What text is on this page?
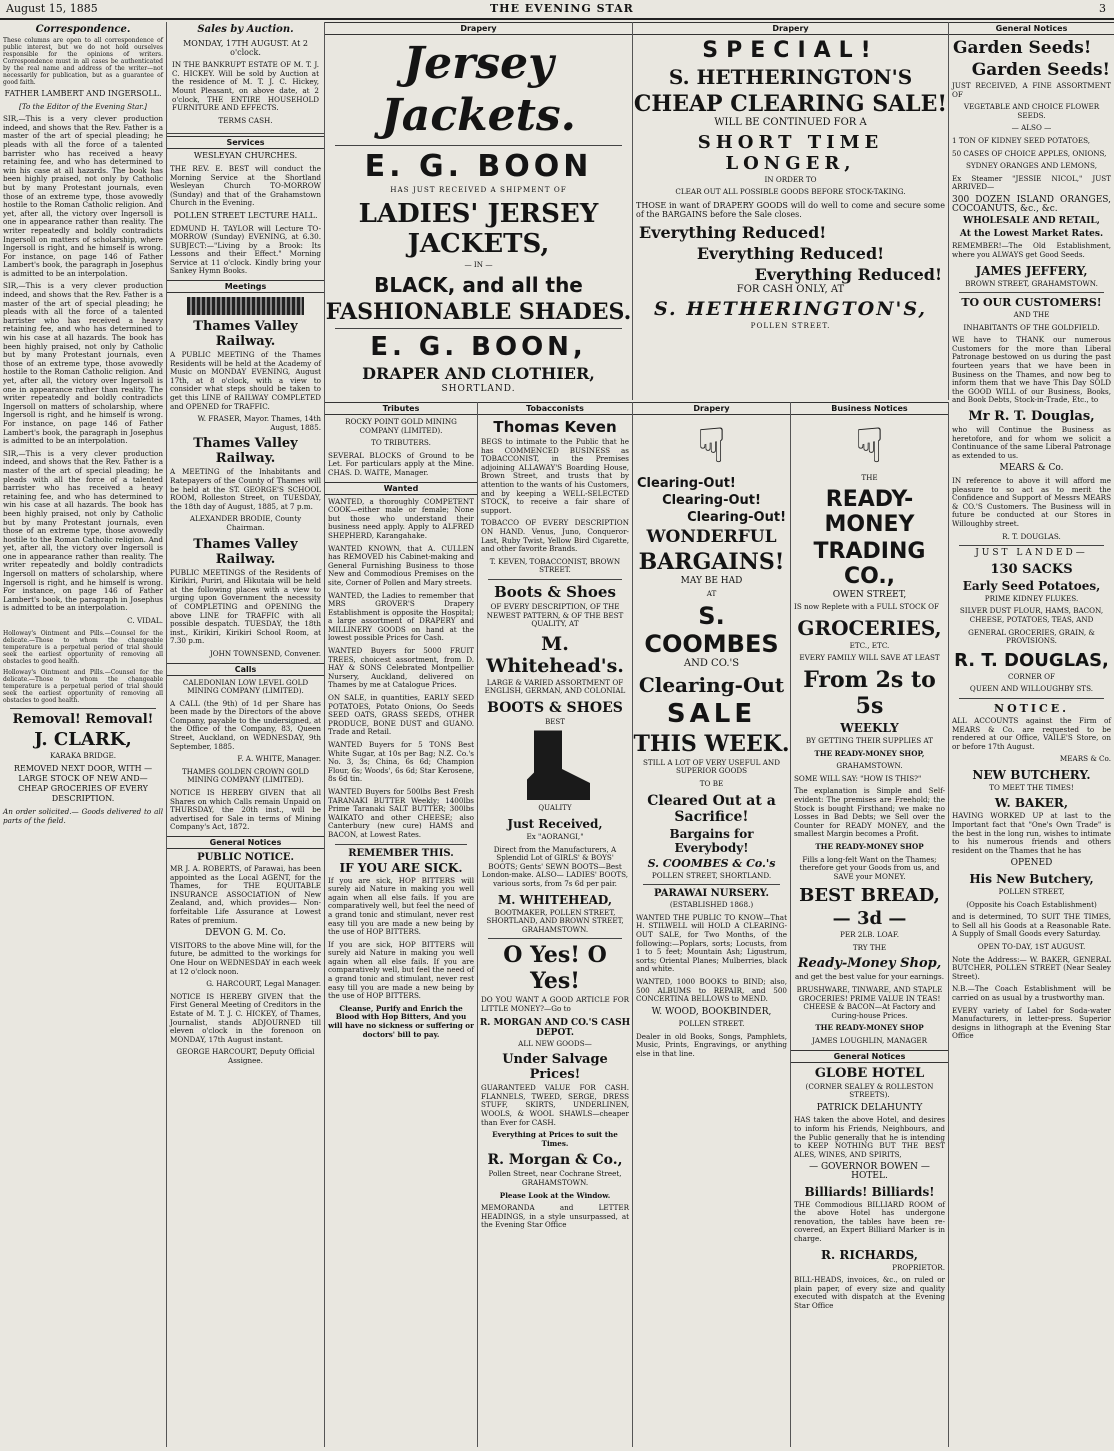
August 15, 1885	THE EVENING STAR	3
Correspondence.
These columns are open to all correspondence of public interest, but we do not hold ourselves responsible for the opinions of writers. Correspondence must in all cases be authenticated by the real name and address of the writer—not necessarily for publication, but as a guarantee of good faith.
FATHER LAMBERT AND INGERSOLL.
[To the Editor of the Evening Star.]
SIR,—This is a very clever production indeed, and shows that the Rev. Father is a master of the art of special pleading; he pleads with all the force of a talented barrister who has received a heavy retaining fee, and who has determined to win his case at all hazards. The book has been highly praised, not only by Catholic but by many Protestant journals, even those of an extreme type, those avowedly hostile to the Roman Catholic religion. And yet, after all, the victory over Ingersoll is one in appearance rather than reality. The writer repeatedly and boldly contradicts Ingersoll on matters of scholarship, where Ingersoll is right, and he himself is wrong. For instance, on page 146 of Father Lambert's book, the paragraph in Josephus is admitted to be an interpolation.
SIR,—This is a very clever production indeed, and shows that the Rev. Father is a master of the art of special pleading; he pleads with all the force of a talented barrister who has received a heavy retaining fee, and who has determined to win his case at all hazards. The book has been highly praised, not only by Catholic but by many Protestant journals, even those of an extreme type, those avowedly hostile to the Roman Catholic religion. And yet, after all, the victory over Ingersoll is one in appearance rather than reality. The writer repeatedly and boldly contradicts Ingersoll on matters of scholarship, where Ingersoll is right, and he himself is wrong. For instance, on page 146 of Father Lambert's book, the paragraph in Josephus is admitted to be an interpolation.
SIR,—This is a very clever production indeed, and shows that the Rev. Father is a master of the art of special pleading; he pleads with all the force of a talented barrister who has received a heavy retaining fee, and who has determined to win his case at all hazards. The book has been highly praised, not only by Catholic but by many Protestant journals, even those of an extreme type, those avowedly hostile to the Roman Catholic religion. And yet, after all, the victory over Ingersoll is one in appearance rather than reality. The writer repeatedly and boldly contradicts Ingersoll on matters of scholarship, where Ingersoll is right, and he himself is wrong. For instance, on page 146 of Father Lambert's book, the paragraph in Josephus is admitted to be an interpolation.
C. VIDAL.
Holloway's Ointment and Pills.—Counsel for the delicate.—Those to whom the changeable temperature is a perpetual period of trial should seek the earliest opportunity of removing all obstacles to good health.
Holloway's Ointment and Pills.—Counsel for the delicate.—Those to whom the changeable temperature is a perpetual period of trial should seek the earliest opportunity of removing all obstacles to good health.
Removal! Removal!
J. CLARK,
KARAKA BRIDGE.
REMOVED NEXT DOOR, WITH —LARGE STOCK OF NEW AND— CHEAP GROCERIES OF EVERY DESCRIPTION.
An order solicited.— Goods delivered to all parts of the field.
Sales by Auction.
MONDAY, 17TH AUGUST. At 2 o'clock.
IN THE BANKRUPT ESTATE OF M. T. J. C. HICKEY. Will be sold by Auction at the residence of M. T. J. C. Hickey, Mount Pleasant, on above date, at 2 o'clock, THE ENTIRE HOUSEHOLD FURNITURE AND EFFECTS.
TERMS CASH.
Services
WESLEYAN CHURCHES.
THE REV. E. BEST will conduct the Morning Service at the Shortland Wesleyan Church TO-MORROW (Sunday) and that of the Grahamstown Church in the Evening.
POLLEN STREET LECTURE HALL.
EDMUND H. TAYLOR will Lecture TO-MORROW (Sunday) EVENING, at 6.30. SUBJECT:—"Living by a Brook: Its Lessons and their Effect." Morning Service at 11 o'clock. Kindly bring your Sankey Hymn Books.
Meetings
Thames Valley Railway.
A PUBLIC MEETING of the Thames Residents will be held at the Academy of Music on MONDAY EVENING, August 17th, at 8 o'clock, with a view to consider what steps should be taken to get this LINE of RAILWAY COMPLETED and OPENED for TRAFFIC.
W. FRASER, Mayor. Thames, 14th August, 1885.
Thames Valley Railway.
A MEETING of the Inhabitants and Ratepayers of the County of Thames will be held at the ST. GEORGE'S SCHOOL ROOM, Rolleston Street, on TUESDAY, the 18th day of August, 1885, at 7 p.m.
ALEXANDER BRODIE, County Chairman.
Thames Valley Railway.
PUBLIC MEETINGS of the Residents of Kirikiri, Puriri, and Hikutaia will be held at the following places with a view to urging upon Government the necessity of COMPLETING and OPENING the above LINE for TRAFFIC with all possible despatch. TUESDAY, the 18th inst., Kirikiri, Kirikiri School Room, at 7.30 p.m.
JOHN TOWNSEND, Convener.
Calls
CALEDONIAN LOW LEVEL GOLD MINING COMPANY (LIMITED).
A CALL (the 9th) of 1d per Share has been made by the Directors of the above Company, payable to the undersigned, at the Office of the Company, 83, Queen Street, Auckland, on WEDNESDAY, 9th September, 1885.
F. A. WHITE, Manager.
THAMES GOLDEN CROWN GOLD MINING COMPANY (LIMITED).
NOTICE IS HEREBY GIVEN that all Shares on which Calls remain Unpaid on THURSDAY, the 20th inst., will be advertised for Sale in terms of Mining Company's Act, 1872.
General Notices
PUBLIC NOTICE.
MR J. A. ROBERTS, of Parawai, has been appointed as the Local AGENT, for the Thames, for THE EQUITABLE INSURANCE ASSOCIATION of New Zealand, and, which provides— Non-forfeitable Life Assurance at Lowest Rates of premium.
DEVON G. M. Co.
VISITORS to the above Mine will, for the future, be admitted to the workings for One Hour on WEDNESDAY in each week at 12 o'clock noon.
G. HARCOURT, Legal Manager.
NOTICE IS HEREBY GIVEN that the First General Meeting of Creditors in the Estate of M. T. J. C. HICKEY, of Thames, Journalist, stands ADJOURNED till eleven o'clock in the forenoon on MONDAY, 17th August instant.
GEORGE HARCOURT, Deputy Official Assignee.
Drapery
Jersey Jackets.
E. G. BOON
HAS JUST RECEIVED A SHIPMENT OF
LADIES' JERSEY JACKETS,
— IN —
BLACK, and all the
FASHIONABLE SHADES.
E. G. BOON,
DRAPER AND CLOTHIER,
SHORTLAND.
Tributes
ROCKY POINT GOLD MINING COMPANY (LIMITED).
TO TRIBUTERS.
SEVERAL BLOCKS of Ground to be Let. For particulars apply at the Mine. CHAS. D. WAITE, Manager.
Wanted
WANTED, a thoroughly COMPETENT COOK—either male or female; None but those who understand their business need apply. Apply to ALFRED SHEPHERD, Karangahake.
WANTED KNOWN, that A. CULLEN has REMOVED his Cabinet-making and General Furnishing Business to those New and Commodious Premises on the site, Corner of Pollen and Mary streets.
WANTED, the Ladies to remember that MRS GROVER'S Drapery Establishment is opposite the Hospital; a large assortment of DRAPERY and MILLINERY GOODS on hand at the lowest possible Prices for Cash.
WANTED Buyers for 5000 FRUIT TREES, choicest assortment, from D. HAY & SONS Celebrated Montpellier Nursery, Auckland, delivered on Thames by me at Catalogue Prices.
ON SALE, in quantities, EARLY SEED POTATOES, Potato Onions, Oo Seeds SEED OATS, GRASS SEEDS, OTHER PRODUCE, BONE DUST and GUANO. Trade and Retail.
WANTED Buyers for 5 TONS Best White Sugar, at 10s per Bag; N.Z. Co.'s No. 3, 3s; China, 6s 6d; Champion Flour, 6s; Woods', 6s 6d; Star Kerosene, 8s 6d tin.
WANTED Buyers for 500lbs Best Fresh TARANAKI BUTTER Weekly; 1400lbs Prime Taranaki SALT BUTTER; 300lbs WAIKATO and other CHEESE; also Canterbury (new cure) HAMS and BACON, at Lowest Rates.
REMEMBER THIS.
IF YOU ARE SICK.
If you are sick, HOP BITTERS will surely aid Nature in making you well again when all else fails. If you are comparatively well, but feel the need of a grand tonic and stimulant, never rest easy till you are made a new being by the use of HOP BITTERS.
If you are sick, HOP BITTERS will surely aid Nature in making you well again when all else fails. If you are comparatively well, but feel the need of a grand tonic and stimulant, never rest easy till you are made a new being by the use of HOP BITTERS.
Cleanse, Purify and Enrich the Blood with Hop Bitters, And you will have no sickness or suffering or doctors' bill to pay.
Tobacconists
Thomas Keven
BEGS to intimate to the Public that he has COMMENCED BUSINESS as TOBACCONIST, in the Premises adjoining ALLAWAY'S Boarding House, Brown Street, and trusts that by attention to the wants of his Customers, and by keeping a WELL-SELECTED STOCK, to receive a fair share of support.
TOBACCO OF EVERY DESCRIPTION ON HAND. Venus, Juno, Conqueror-Last, Ruby Twist, Yellow Bird Cigarette, and other favorite Brands.
T. KEVEN, TOBACCONIST, BROWN STREET.
Boots & Shoes
OF EVERY DESCRIPTION, OF THE NEWEST PATTERN, & OF THE BEST QUALITY, AT
M. Whitehead's.
LARGE & VARIED ASSORTMENT OF ENGLISH, GERMAN, AND COLONIAL
BOOTS & SHOES
BEST
QUALITY
Just Received,
Ex "AORANGI,"
Direct from the Manufacturers, A Splendid Lot of GIRLS' & BOYS' BOOTS; Gents' SEWN BOOTS—Best London-make. ALSO— LADIES' BOOTS, various sorts, from 7s 6d per pair.
M. WHITEHEAD,
BOOTMAKER, POLLEN STREET, SHORTLAND, AND BROWN STREET, GRAHAMSTOWN.
O Yes! O Yes!
DO YOU WANT A GOOD ARTICLE FOR LITTLE MONEY?—Go to
R. MORGAN AND CO.'S CASH DEPOT.
ALL NEW GOODS—
Under Salvage Prices!
GUARANTEED VALUE FOR CASH. FLANNELS, TWEED, SERGE, DRESS STUFF, SKIRTS, UNDERLINEN, WOOLS, & WOOL SHAWLS—cheaper than Ever for CASH.
Everything at Prices to suit the Times.
R. Morgan & Co.,
Pollen Street, near Cochrane Street, GRAHAMSTOWN.
Please Look at the Window.
MEMORANDA and LETTER HEADINGS, in a style unsurpassed, at the Evening Star Office
Drapery
SPECIAL!
S. HETHERINGTON'S
CHEAP CLEARING SALE!
WILL BE CONTINUED FOR A
SHORT TIME LONGER,
IN ORDER TO
CLEAR OUT ALL POSSIBLE GOODS BEFORE STOCK-TAKING.
THOSE in want of DRAPERY GOODS will do well to come and secure some of the BARGAINS before the Sale closes.
Everything Reduced!
Everything Reduced!
Everything Reduced!
FOR CASH ONLY, AT
S. HETHERINGTON'S,
POLLEN STREET.
Drapery
☟
Clearing-Out!
Clearing-Out!
Clearing-Out!
WONDERFUL
BARGAINS!
MAY BE HAD
AT
S. COOMBES
AND CO.'S
Clearing-Out
SALE
THIS WEEK.
STILL A LOT OF VERY USEFUL AND SUPERIOR GOODS
TO BE
Cleared Out at a Sacrifice!
Bargains for Everybody!
S. COOMBES & Co.'s
POLLEN STREET, SHORTLAND.
PARAWAI NURSERY.
(ESTABLISHED 1868.)
WANTED THE PUBLIC TO KNOW—That H. STILWELL will HOLD A CLEARING-OUT SALE, for Two Months, of the following:—Poplars, sorts; Locusts, from 1 to 5 feet; Mountain Ash; Ligustrum, sorts; Oriental Planes; Mulberries, black and white.
WANTED, 1000 BOOKS to BIND; also, 500 ALBUMS to REPAIR, and 500 CONCERTINA BELLOWS to MEND.
W. WOOD, BOOKBINDER,
POLLEN STREET.
Dealer in old Books, Songs, Pamphlets, Music, Prints, Engravings, or anything else in that line.
Business Notices
☟
THE
READY-MONEY
TRADING CO.,
OWEN STREET,
IS now Replete with a FULL STOCK OF
GROCERIES,
ETC., ETC.
EVERY FAMILY WILL SAVE AT LEAST
From 2s to 5s
WEEKLY
BY GETTING THEIR SUPPLIES AT
THE READY-MONEY SHOP,
GRAHAMSTOWN.
SOME WILL SAY: "HOW IS THIS?"
The explanation is Simple and Self-evident: The premises are Freehold; the Stock is bought Firsthand; we make no Losses in Bad Debts; we Sell over the Counter for READY MONEY, and the smallest Margin becomes a Profit.
THE READY-MONEY SHOP
Fills a long-felt Want on the Thames; therefore get your Goods from us, and SAVE your MONEY.
BEST BREAD,
— 3d —
PER 2LB. LOAF.
TRY THE
Ready-Money Shop,
and get the best value for your earnings.
BRUSHWARE, TINWARE, AND STAPLE GROCERIES! PRIME VALUE IN TEAS! CHEESE & BACON—At Factory and Curing-house Prices.
THE READY-MONEY SHOP
JAMES LOUGHLIN, MANAGER
General Notices
GLOBE HOTEL
(CORNER SEALEY & ROLLESTON STREETS).
PATRICK DELAHUNTY
HAS taken the above Hotel, and desires to inform his Friends, Neighbours, and the Public generally that he is intending to KEEP NOTHING BUT THE BEST ALES, WINES, AND SPIRITS,
— GOVERNOR BOWEN — HOTEL.
Billiards! Billiards!
THE Commodious BILLIARD ROOM of the above Hotel has undergone renovation, the tables have been re-covered, an Expert Billiard Marker is in charge.
R. RICHARDS,
PROPRIETOR.
BILL-HEADS, invoices, &c., on ruled or plain paper, of every size and quality executed with dispatch at the Evening Star Office
General Notices
Garden Seeds!
Garden Seeds!
JUST RECEIVED, A FINE ASSORTMENT OF
VEGETABLE AND CHOICE FLOWER SEEDS.
— ALSO —
1 TON OF KIDNEY SEED POTATOES,
50 CASES OF CHOICE APPLES, ONIONS,
SYDNEY ORANGES AND LEMONS,
Ex Steamer "JESSIE NICOL," JUST ARRIVED—
300 DOZEN ISLAND ORANGES, COCOANUTS, &c., &c.
WHOLESALE AND RETAIL,
At the Lowest Market Rates.
REMEMBER!—The Old Establishment, where you ALWAYS get Good Seeds.
JAMES JEFFERY,
BROWN STREET, GRAHAMSTOWN.
TO OUR CUSTOMERS!
AND THE
INHABITANTS OF THE GOLDFIELD.
WE have to THANK our numerous Customers for the more than Liberal Patronage bestowed on us during the past fourteen years that we have been in Business on the Thames, and now beg to inform them that we have This Day SOLD the GOOD WILL of our Business, Books, and Book Debts, Stock-in-Trade, Etc., to
Mr R. T. Douglas,
who will Continue the Business as heretofore, and for whom we solicit a Continuance of the same Liberal Patronage as extended to us.
MEARS & Co.
IN reference to above it will afford me pleasure to so act as to merit the Confidence and Support of Messrs MEARS & CO.'S Customers. The Business will in future be conducted at our Stores in Willoughby street.
R. T. DOUGLAS.
JUST LANDED—
130 SACKS
Early Seed Potatoes,
PRIME KIDNEY FLUKES.
SILVER DUST FLOUR, HAMS, BACON, CHEESE, POTATOES, TEAS, AND
GENERAL GROCERIES, GRAIN, & PROVISIONS.
R. T. DOUGLAS,
CORNER OF
QUEEN AND WILLOUGHBY STS.
NOTICE.
ALL ACCOUNTS against the Firm of MEARS & Co. are requested to be rendered at our Office, VAILE'S Store, on or before 17th August.
MEARS & Co.
NEW BUTCHERY.
TO MEET THE TIMES!
W. BAKER,
HAVING WORKED UP at last to the Important fact that "One's Own Trade" is the best in the long run, wishes to intimate to his numerous friends and others resident on the Thames that he has
OPENED
His New Butchery,
POLLEN STREET,
(Opposite his Coach Establishment)
and is determined, TO SUIT THE TIMES, to Sell all his Goods at a Reasonable Rate. A Supply of Small Goods every Saturday.
OPEN TO-DAY, 1ST AUGUST.
Note the Address:— W. BAKER, GENERAL BUTCHER, POLLEN STREET (Near Sealey Street).
N.B.—The Coach Establishment will be carried on as usual by a trustworthy man.
EVERY variety of Label for Soda-water Manufacturers, in letter-press. Superior designs in lithograph at the Evening Star Office
